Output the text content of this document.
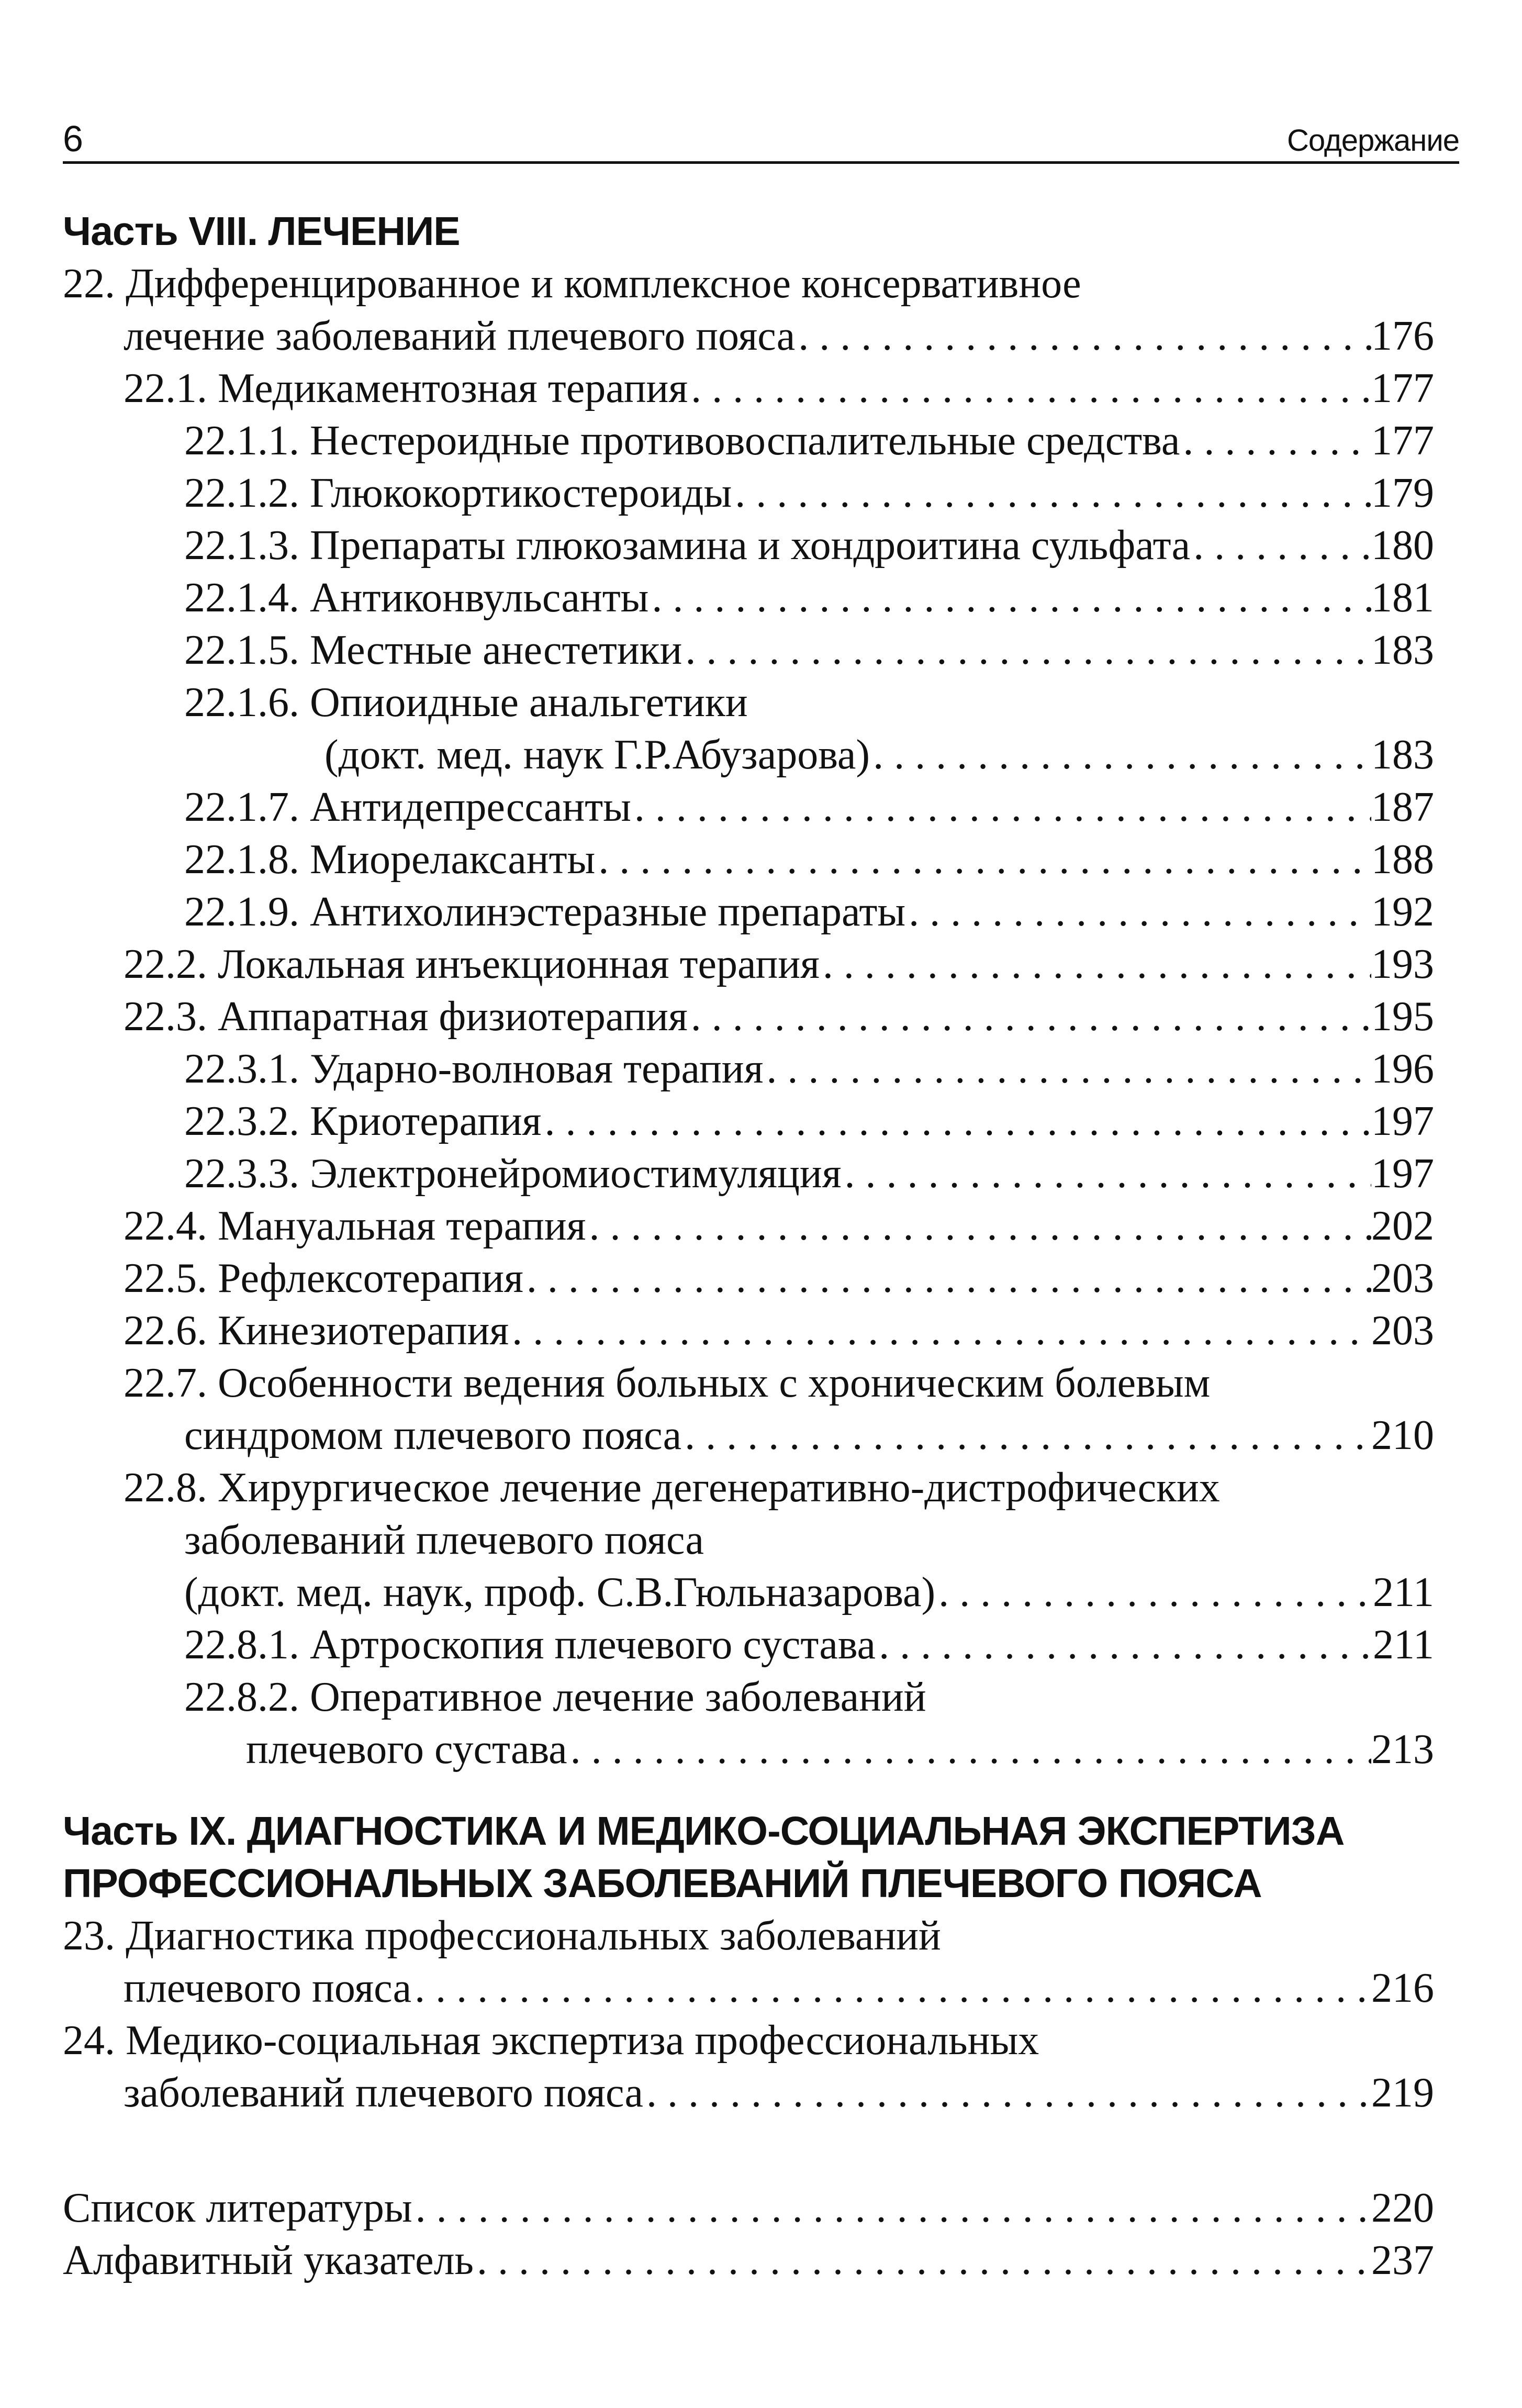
6	Содержание
Часть VIII. ЛЕЧЕНИЕ
22. Дифференцированное и комплексное консервативное
лечение заболеваний плечевого пояса . . .	176
22.1. Медикаментозная терапия . . .	177
22.1.1. Нестероидные противовоспалительные средства . . .	177
22.1.2. Глюкокортикостероиды . . .	179
22.1.3. Препараты глюкозамина и хондроитина сульфата . . .	180
22.1.4. Антиконвульсанты . . .	181
22.1.5. Местные анестетики . . .	183
22.1.6. Опиоидные анальгетики
(докт. мед. наук Г.Р.Абузарова) . . .	183
22.1.7. Антидепрессанты . . .	187
22.1.8. Миорелаксанты . . .	188
22.1.9. Антихолинэстеразные препараты . . .	192
22.2. Локальная инъекционная терапия . . .	193
22.3. Аппаратная физиотерапия . . .	195
22.3.1. Ударно-волновая терапия . . .	196
22.3.2. Криотерапия . . .	197
22.3.3. Электронейромиостимуляция . . .	197
22.4. Мануальная терапия . . .	202
22.5. Рефлексотерапия . . .	203
22.6. Кинезиотерапия . . .	203
22.7. Особенности ведения больных с хроническим болевым
синдромом плечевого пояса . . .	210
22.8. Хирургическое лечение дегенеративно-дистрофических
заболеваний плечевого пояса
(докт. мед. наук, проф. С.В.Гюльназарова) . . .	211
22.8.1. Артроскопия плечевого сустава . . .	211
22.8.2. Оперативное лечение заболеваний
плечевого сустава . . .	213
Часть IX. ДИАГНОСТИКА И МЕДИКО-СОЦИАЛЬНАЯ ЭКСПЕРТИЗА
ПРОФЕССИОНАЛЬНЫХ ЗАБОЛЕВАНИЙ ПЛЕЧЕВОГО ПОЯСА
23. Диагностика профессиональных заболеваний
плечевого пояса . . .	216
24. Медико-социальная экспертиза профессиональных
заболеваний плечевого пояса . . .	219
Список литературы . . .	220
Алфавитный указатель . . .	237
